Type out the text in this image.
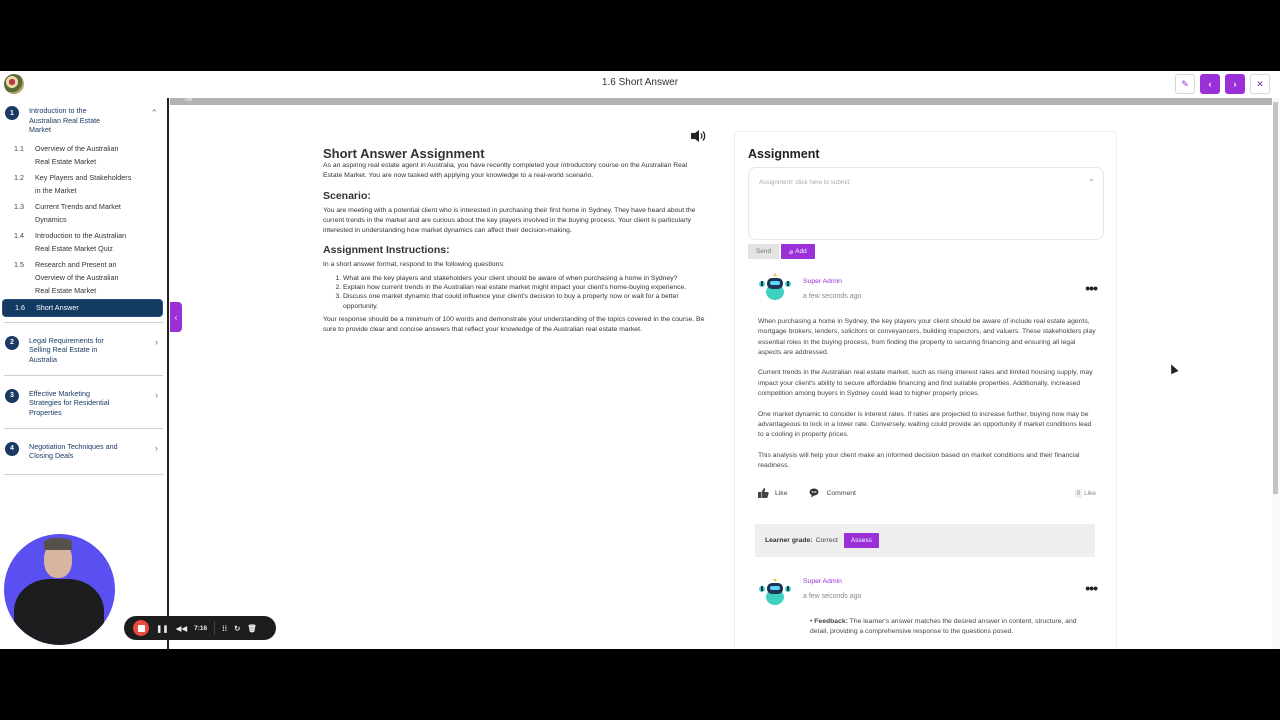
1.6 Short Answer	✎ ‹ › ✕
0%
1	Introduction to the Australian Real Estate Market
⌃
1.1 Overview of the Australian Real Estate Market
1.2 Key Players and Stakeholders in the Market
1.3 Current Trends and Market Dynamics
1.4 Introduction to the Australian Real Estate Market Quiz
1.5 Research and Present an Overview of the Australian Real Estate Market
1.6 Short Answer
2	Legal Requirements for Selling Real Estate in Australia
›
3	Effective Marketing Strategies for Residential Properties
›
4	Negotiation Techniques and Closing Deals
›
‹
Short Answer Assignment
As an aspiring real estate agent in Australia, you have recently completed your introductory course on the Australian Real Estate Market. You are now tasked with applying your knowledge to a real-world scenario.
Scenario:
You are meeting with a potential client who is interested in purchasing their first home in Sydney. They have heard about the current trends in the market and are curious about the key players involved in the buying process. Your client is particularly interested in understanding how market dynamics can affect their decision-making.
Assignment Instructions:
In a short answer format, respond to the following questions:
1. What are the key players and stakeholders your client should be aware of when purchasing a home in Sydney?
2. Explain how current trends in the Australian real estate market might impact your client's home-buying experience.
3. Discuss one market dynamic that could influence your client's decision to buy a property now or wait for a better opportunity.
Your response should be a minimum of 100 words and demonstrate your understanding of the topics covered in the course. Be sure to provide clear and concise answers that reflect your knowledge of the Australian real estate market.
Assignment
Assignment: click here to submit.	⌄
Send	⌀ Add
Super Admin
a few seconds ago
•••

When purchasing a home in Sydney, the key players your client should be aware of include real estate agents, mortgage brokers, lenders, solicitors or conveyancers, building inspectors, and valuers. These stakeholders play essential roles in the buying process, from finding the property to securing financing and ensuring all legal aspects are addressed.

Current trends in the Australian real estate market, such as rising interest rates and limited housing supply, may impact your client's ability to secure affordable financing and find suitable properties. Additionally, increased competition among buyers in Sydney could lead to higher property prices.

One market dynamic to consider is interest rates. If rates are projected to increase further, buying now may be advantageous to lock in a lower rate. Conversely, waiting could provide an opportunity if market conditions lead to a cooling in property prices.

This analysis will help your client make an informed decision based on market conditions and their financial readiness.

Like	Comment	0 Like
Learner grade: Correct	Assess
Super Admin
a few seconds ago
•••
• Feedback: The learner's answer matches the desired answer in content, structure, and detail, providing a comprehensive response to the questions posed.
❚❚ ◀◀ 7:16 ⁞⁞ ↻ 🗑
